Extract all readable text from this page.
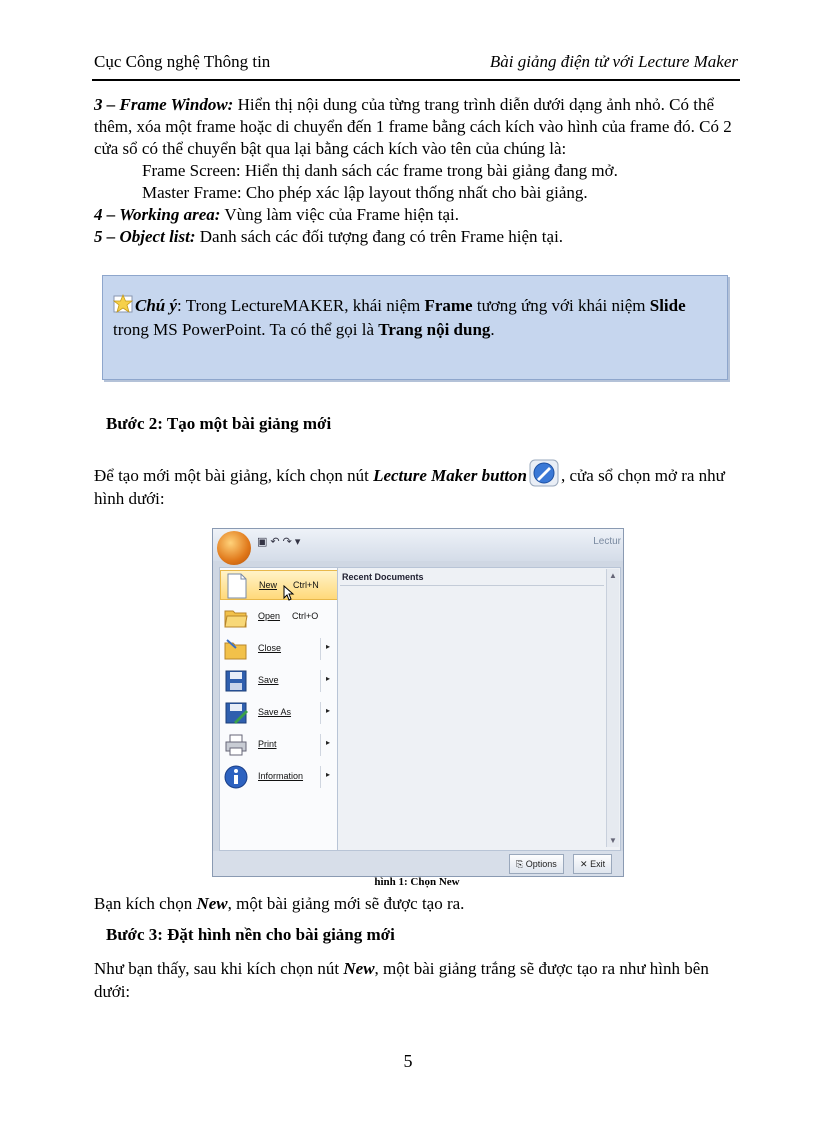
Cục Công nghệ Thông tin	Bài giảng điện tử với Lecture Maker

3 – Frame Window: Hiển thị nội dung của từng trang trình diễn dưới dạng ảnh nhỏ. Có thể thêm, xóa một frame hoặc di chuyển đến 1 frame bằng cách kích vào hình của frame đó. Có 2 cửa sổ có thể chuyển bật qua lại bằng cách kích vào tên của chúng là:

Frame Screen: Hiển thị danh sách các frame trong bài giảng đang mở.

Master Frame: Cho phép xác lập layout thống nhất cho bài giảng.

4 – Working area: Vùng làm việc của Frame hiện tại.

5 – Object list: Danh sách các đối tượng đang có trên Frame hiện tại.

Chú ý: Trong LectureMAKER, khái niệm Frame tương ứng với khái niệm Slide trong MS PowerPoint. Ta có thể gọi là Trang nội dung.
Bước 2: Tạo một bài giảng mới
Để tạo mới một bài giảng, kích chọn nút Lecture Maker button , cửa sổ chọn mở ra như hình dưới:
▣↶↷▾	Lectur
New Ctrl+N
Open Ctrl+O
Close	▸
Save	▸
Save As	▸
Print	▸
Information	▸
Recent Documents	▲
▼
⎘ Options	✕ Exit
hình 1: Chọn New
Bạn kích chọn New, một bài giảng mới sẽ được tạo ra.
Bước 3: Đặt hình nền cho bài giảng mới
Như bạn thấy, sau khi kích chọn nút New, một bài giảng trắng sẽ được tạo ra như hình bên dưới:
5
